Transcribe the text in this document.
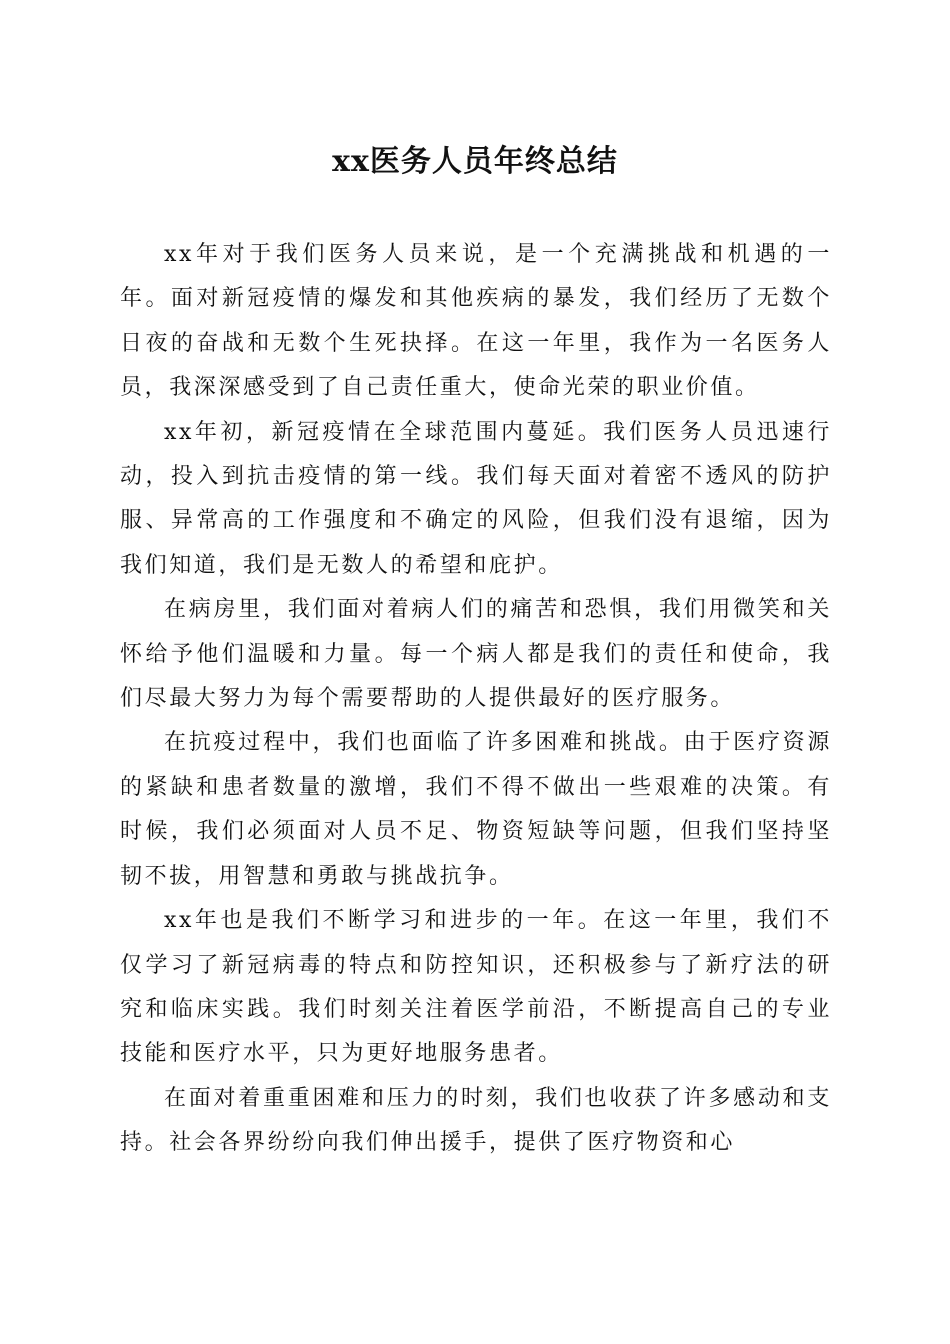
xx医务人员年终总结

xx年对于我们医务人员来说，是一个充满挑战和机遇的一年。面对新冠疫情的爆发和其他疾病的暴发，我们经历了无数个日夜的奋战和无数个生死抉择。在这一年里，我作为一名医务人员，我深深感受到了自己责任重大，使命光荣的职业价值。

xx年初，新冠疫情在全球范围内蔓延。我们医务人员迅速行动，投入到抗击疫情的第一线。我们每天面对着密不透风的防护服、异常高的工作强度和不确定的风险，但我们没有退缩，因为我们知道，我们是无数人的希望和庇护。

在病房里，我们面对着病人们的痛苦和恐惧，我们用微笑和关怀给予他们温暖和力量。每一个病人都是我们的责任和使命，我们尽最大努力为每个需要帮助的人提供最好的医疗服务。

在抗疫过程中，我们也面临了许多困难和挑战。由于医疗资源的紧缺和患者数量的激增，我们不得不做出一些艰难的决策。有时候，我们必须面对人员不足、物资短缺等问题，但我们坚持坚韧不拔，用智慧和勇敢与挑战抗争。

xx年也是我们不断学习和进步的一年。在这一年里，我们不仅学习了新冠病毒的特点和防控知识，还积极参与了新疗法的研究和临床实践。我们时刻关注着医学前沿，不断提高自己的专业技能和医疗水平，只为更好地服务患者。

在面对着重重困难和压力的时刻，我们也收获了许多感动和支持。社会各界纷纷向我们伸出援手，提供了医疗物资和心
